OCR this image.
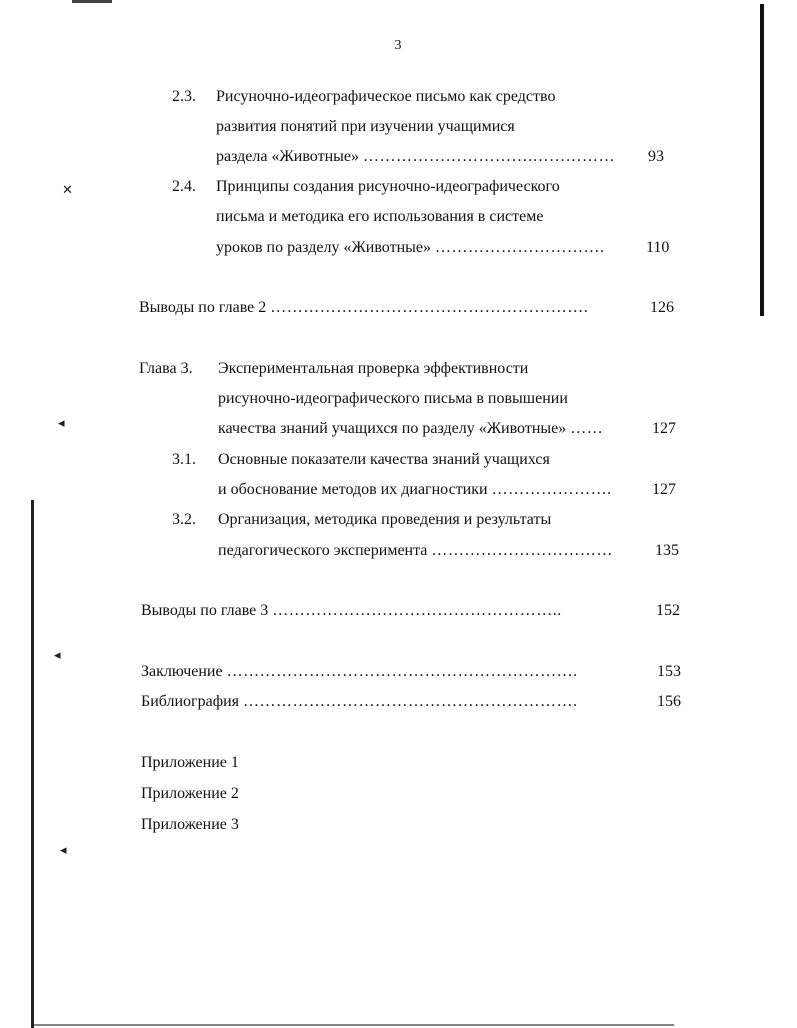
✕
◂
◂
◂
3
2.3. Рисуночно-идеографическое письмо как средство
развития понятий при изучении учащимися
раздела «Животные» ………………………….…………… 93
2.4. Принципы создания рисуночно-идеографического
письма и методика его использования в системе
уроков по разделу «Животные» ………………………….	110
Выводы по главе 2 ………………………………………………….	126
Глава 3. Экспериментальная проверка эффективности
рисуночно-идеографического письма в повышении
качества знаний учащихся по разделу «Животные» ……	127
3.1. Основные показатели качества знаний учащихся
и обоснование методов их диагностики ………………….	127
3.2. Организация, методика проведения и результаты
педагогического эксперимента ……………………………	135
Выводы по главе 3 ……………………………………………..	152
Заключение ……………………………………………………….	153
Библиография …………………………………………………….	156
Приложение 1
Приложение 2
Приложение 3
